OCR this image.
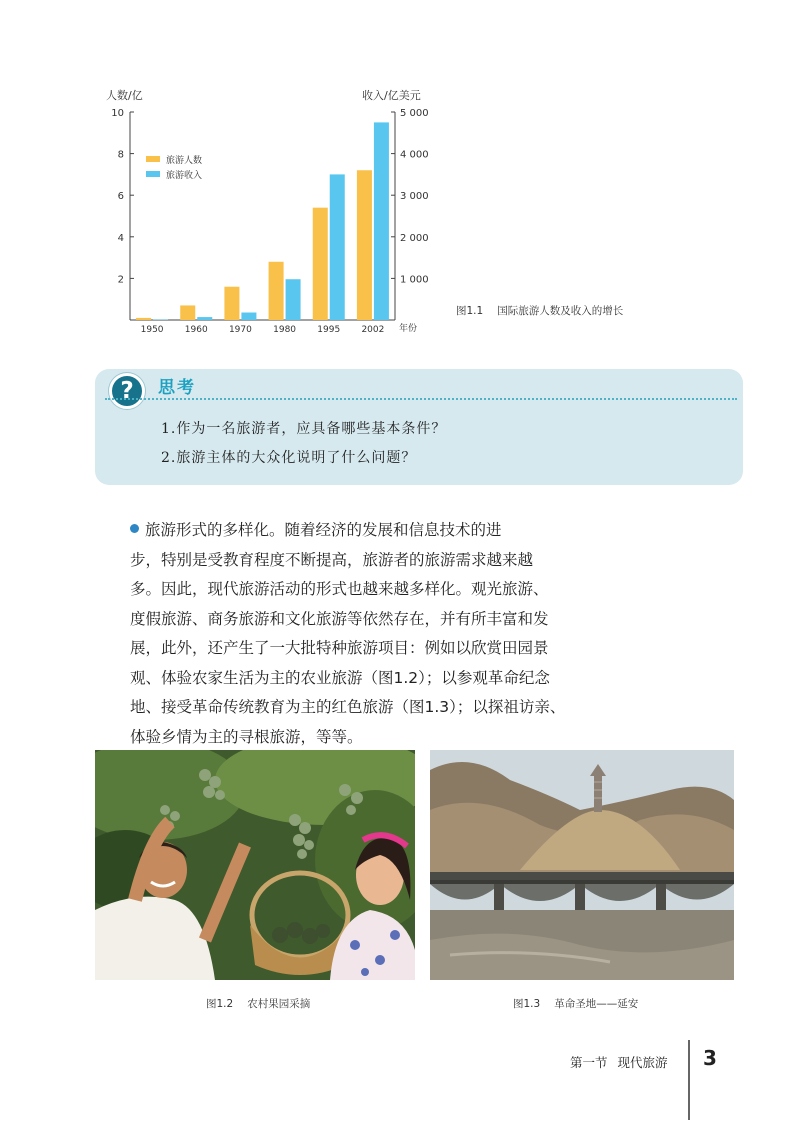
人数/亿	收入/亿美元
年份
2
4
6
8
10
1 000
2 000
3 000
4 000
5 000
1950 1960 1970 1980 1995 2002
旅游人数
旅游收入
图1.1 国际旅游人数及收入的增长
?	思考
1.作为一名旅游者，应具备哪些基本条件？
2.旅游主体的大众化说明了什么问题？
旅游形式的多样化。随着经济的发展和信息技术的进
步，特别是受教育程度不断提高，旅游者的旅游需求越来越
多。因此，现代旅游活动的形式也越来越多样化。观光旅游、
度假旅游、商务旅游和文化旅游等依然存在，并有所丰富和发
展，此外，还产生了一大批特种旅游项目：例如以欣赏田园景
观、体验农家生活为主的农业旅游（图1.2）；以参观革命纪念
地、接受革命传统教育为主的红色旅游（图1.3）；以探祖访亲、
体验乡情为主的寻根旅游，等等。
图1.2 农村果园采摘	图1.3 革命圣地——延安
第一节 现代旅游 3
